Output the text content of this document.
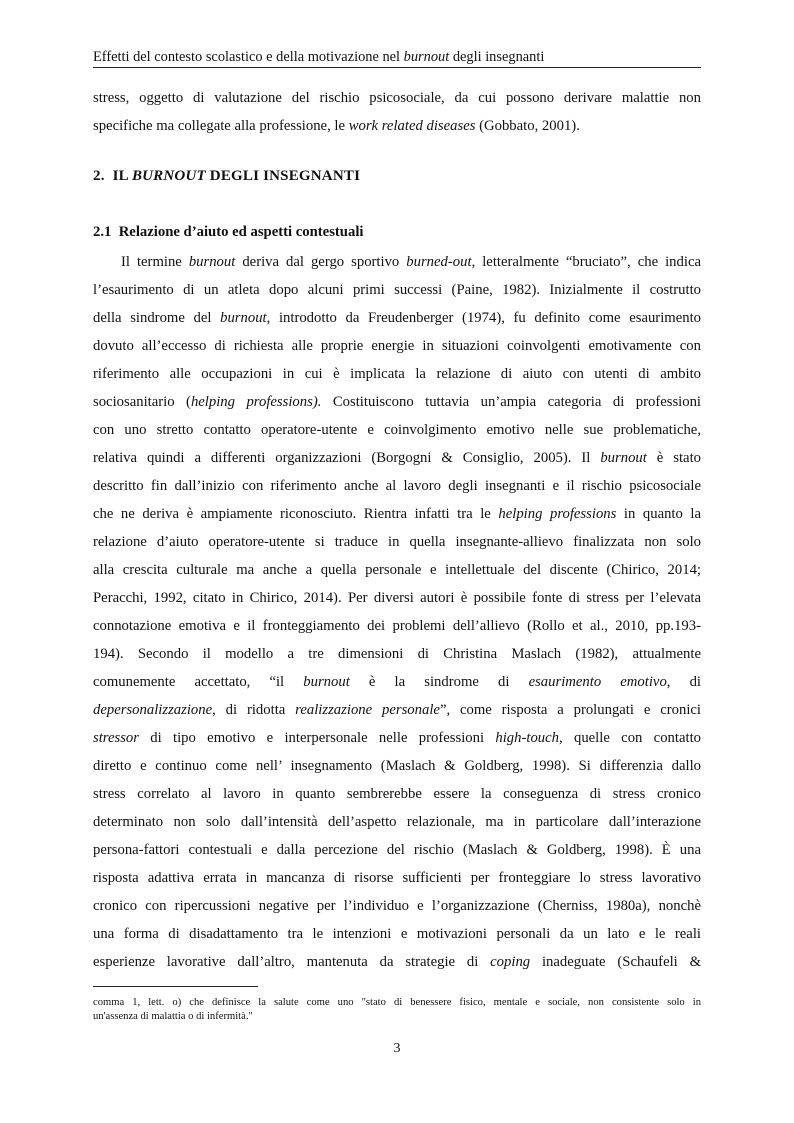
Effetti del contesto scolastico e della motivazione nel burnout degli insegnanti
stress, oggetto di valutazione del rischio psicosociale, da cui possono derivare malattie non
specifiche ma collegate alla professione, le work related diseases (Gobbato, 2001).
2. IL BURNOUT DEGLI INSEGNANTI
2.1 Relazione d’aiuto ed aspetti contestuali
Il termine burnout deriva dal gergo sportivo burned-out, letteralmente “bruciato”, che indica
l’esaurimento di un atleta dopo alcuni primi successi (Paine, 1982). Inizialmente il costrutto
della sindrome del burnout, introdotto da Freudenberger (1974), fu definito come esaurimento
dovuto all’eccesso di richiesta alle proprie energie in situazioni coinvolgenti emotivamente con
riferimento alle occupazioni in cui è implicata la relazione di aiuto con utenti di ambito
sociosanitario (helping professions). Costituiscono tuttavia un’ampia categoria di professioni
con uno stretto contatto operatore-utente e coinvolgimento emotivo nelle sue problematiche,
relativa quindi a differenti organizzazioni (Borgogni & Consiglio, 2005). Il burnout è stato
descritto fin dall’inizio con riferimento anche al lavoro degli insegnanti e il rischio psicosociale
che ne deriva è ampiamente riconosciuto. Rientra infatti tra le helping professions in quanto la
relazione d’aiuto operatore-utente si traduce in quella insegnante-allievo finalizzata non solo
alla crescita culturale ma anche a quella personale e intellettuale del discente (Chirico, 2014;
Peracchi, 1992, citato in Chirico, 2014). Per diversi autori è possibile fonte di stress per l’elevata
connotazione emotiva e il fronteggiamento dei problemi dell’allievo (Rollo et al., 2010, pp.193-
194). Secondo il modello a tre dimensioni di Christina Maslach (1982), attualmente
comunemente accettato, “il burnout è la sindrome di esaurimento emotivo, di
depersonalizzazione, di ridotta realizzazione personale”, come risposta a prolungati e cronici
stressor di tipo emotivo e interpersonale nelle professioni high-touch, quelle con contatto
diretto e continuo come nell’ insegnamento (Maslach & Goldberg, 1998). Si differenzia dallo
stress correlato al lavoro in quanto sembrerebbe essere la conseguenza di stress cronico
determinato non solo dall’intensità dell’aspetto relazionale, ma in particolare dall’interazione
persona-fattori contestuali e dalla percezione del rischio (Maslach & Goldberg, 1998). È una
risposta adattiva errata in mancanza di risorse sufficienti per fronteggiare lo stress lavorativo
cronico con ripercussioni negative per l’individuo e l’organizzazione (Cherniss, 1980a), nonchè
una forma di disadattamento tra le intenzioni e motivazioni personali da un lato e le reali
esperienze lavorative dall’altro, mantenuta da strategie di coping inadeguate (Schaufeli &
comma 1, lett. o) che definisce la salute come uno "stato di benessere fisico, mentale e sociale, non consistente solo in
un'assenza di malattia o di infermità."
3
